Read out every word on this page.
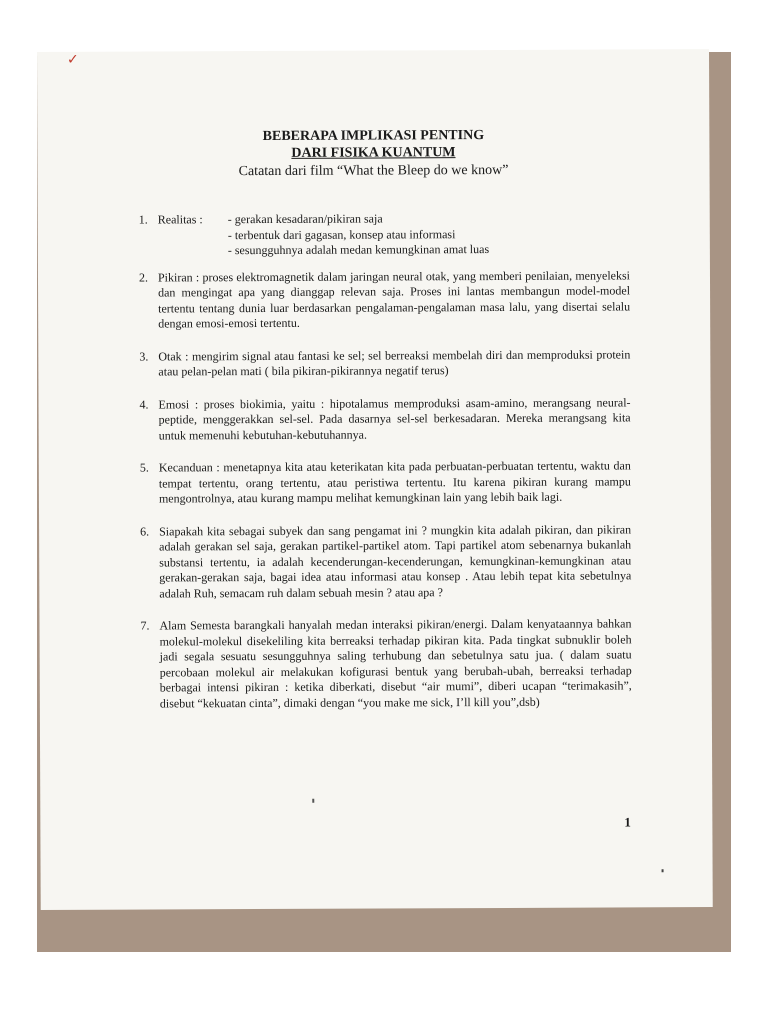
✓
BEBERAPA IMPLIKASI PENTING
DARI FISIKA KUANTUM
Catatan dari film “What the Bleep do we know”
1. Realitas :	- gerakan kesadaran/pikiran saja
- terbentuk dari gagasan, konsep atau informasi
- sesungguhnya adalah medan kemungkinan amat luas
2. Pikiran : proses elektromagnetik dalam jaringan neural otak, yang memberi penilaian, menyeleksi dan mengingat apa yang dianggap relevan saja. Proses ini lantas membangun model-model tertentu tentang dunia luar berdasarkan pengalaman-pengalaman masa lalu, yang disertai selalu dengan emosi-emosi tertentu.
3. Otak : mengirim signal atau fantasi ke sel; sel berreaksi membelah diri dan memproduksi protein atau pelan-pelan mati ( bila pikiran-pikirannya negatif terus)
4. Emosi : proses biokimia, yaitu : hipotalamus memproduksi asam-amino, merangsang neural-peptide, menggerakkan sel-sel. Pada dasarnya sel-sel berkesadaran. Mereka merangsang kita untuk memenuhi kebutuhan-kebutuhannya.
5. Kecanduan : menetapnya kita atau keterikatan kita pada perbuatan-perbuatan tertentu, waktu dan tempat tertentu, orang tertentu, atau peristiwa tertentu. Itu karena pikiran kurang mampu mengontrolnya, atau kurang mampu melihat kemungkinan lain yang lebih baik lagi.
6. Siapakah kita sebagai subyek dan sang pengamat ini ? mungkin kita adalah pikiran, dan pikiran adalah gerakan sel saja, gerakan partikel-partikel atom. Tapi partikel atom sebenarnya bukanlah substansi tertentu, ia adalah kecenderungan-kecenderungan, kemungkinan-kemungkinan atau gerakan-gerakan saja, bagai idea atau informasi atau konsep . Atau lebih tepat kita sebetulnya adalah Ruh, semacam ruh dalam sebuah mesin ? atau apa ?
7. Alam Semesta barangkali hanyalah medan interaksi pikiran/energi. Dalam kenyataannya bahkan molekul-molekul disekeliling kita berreaksi terhadap pikiran kita. Pada tingkat subnuklir boleh jadi segala sesuatu sesungguhnya saling terhubung dan sebetulnya satu jua. ( dalam suatu percobaan molekul air melakukan kofigurasi bentuk yang berubah-ubah, berreaksi terhadap berbagai intensi pikiran : ketika diberkati, disebut “air mumi”, diberi ucapan “terimakasih”, disebut “kekuatan cinta”, dimaki dengan “you make me sick, I’ll kill you”,dsb)
1
